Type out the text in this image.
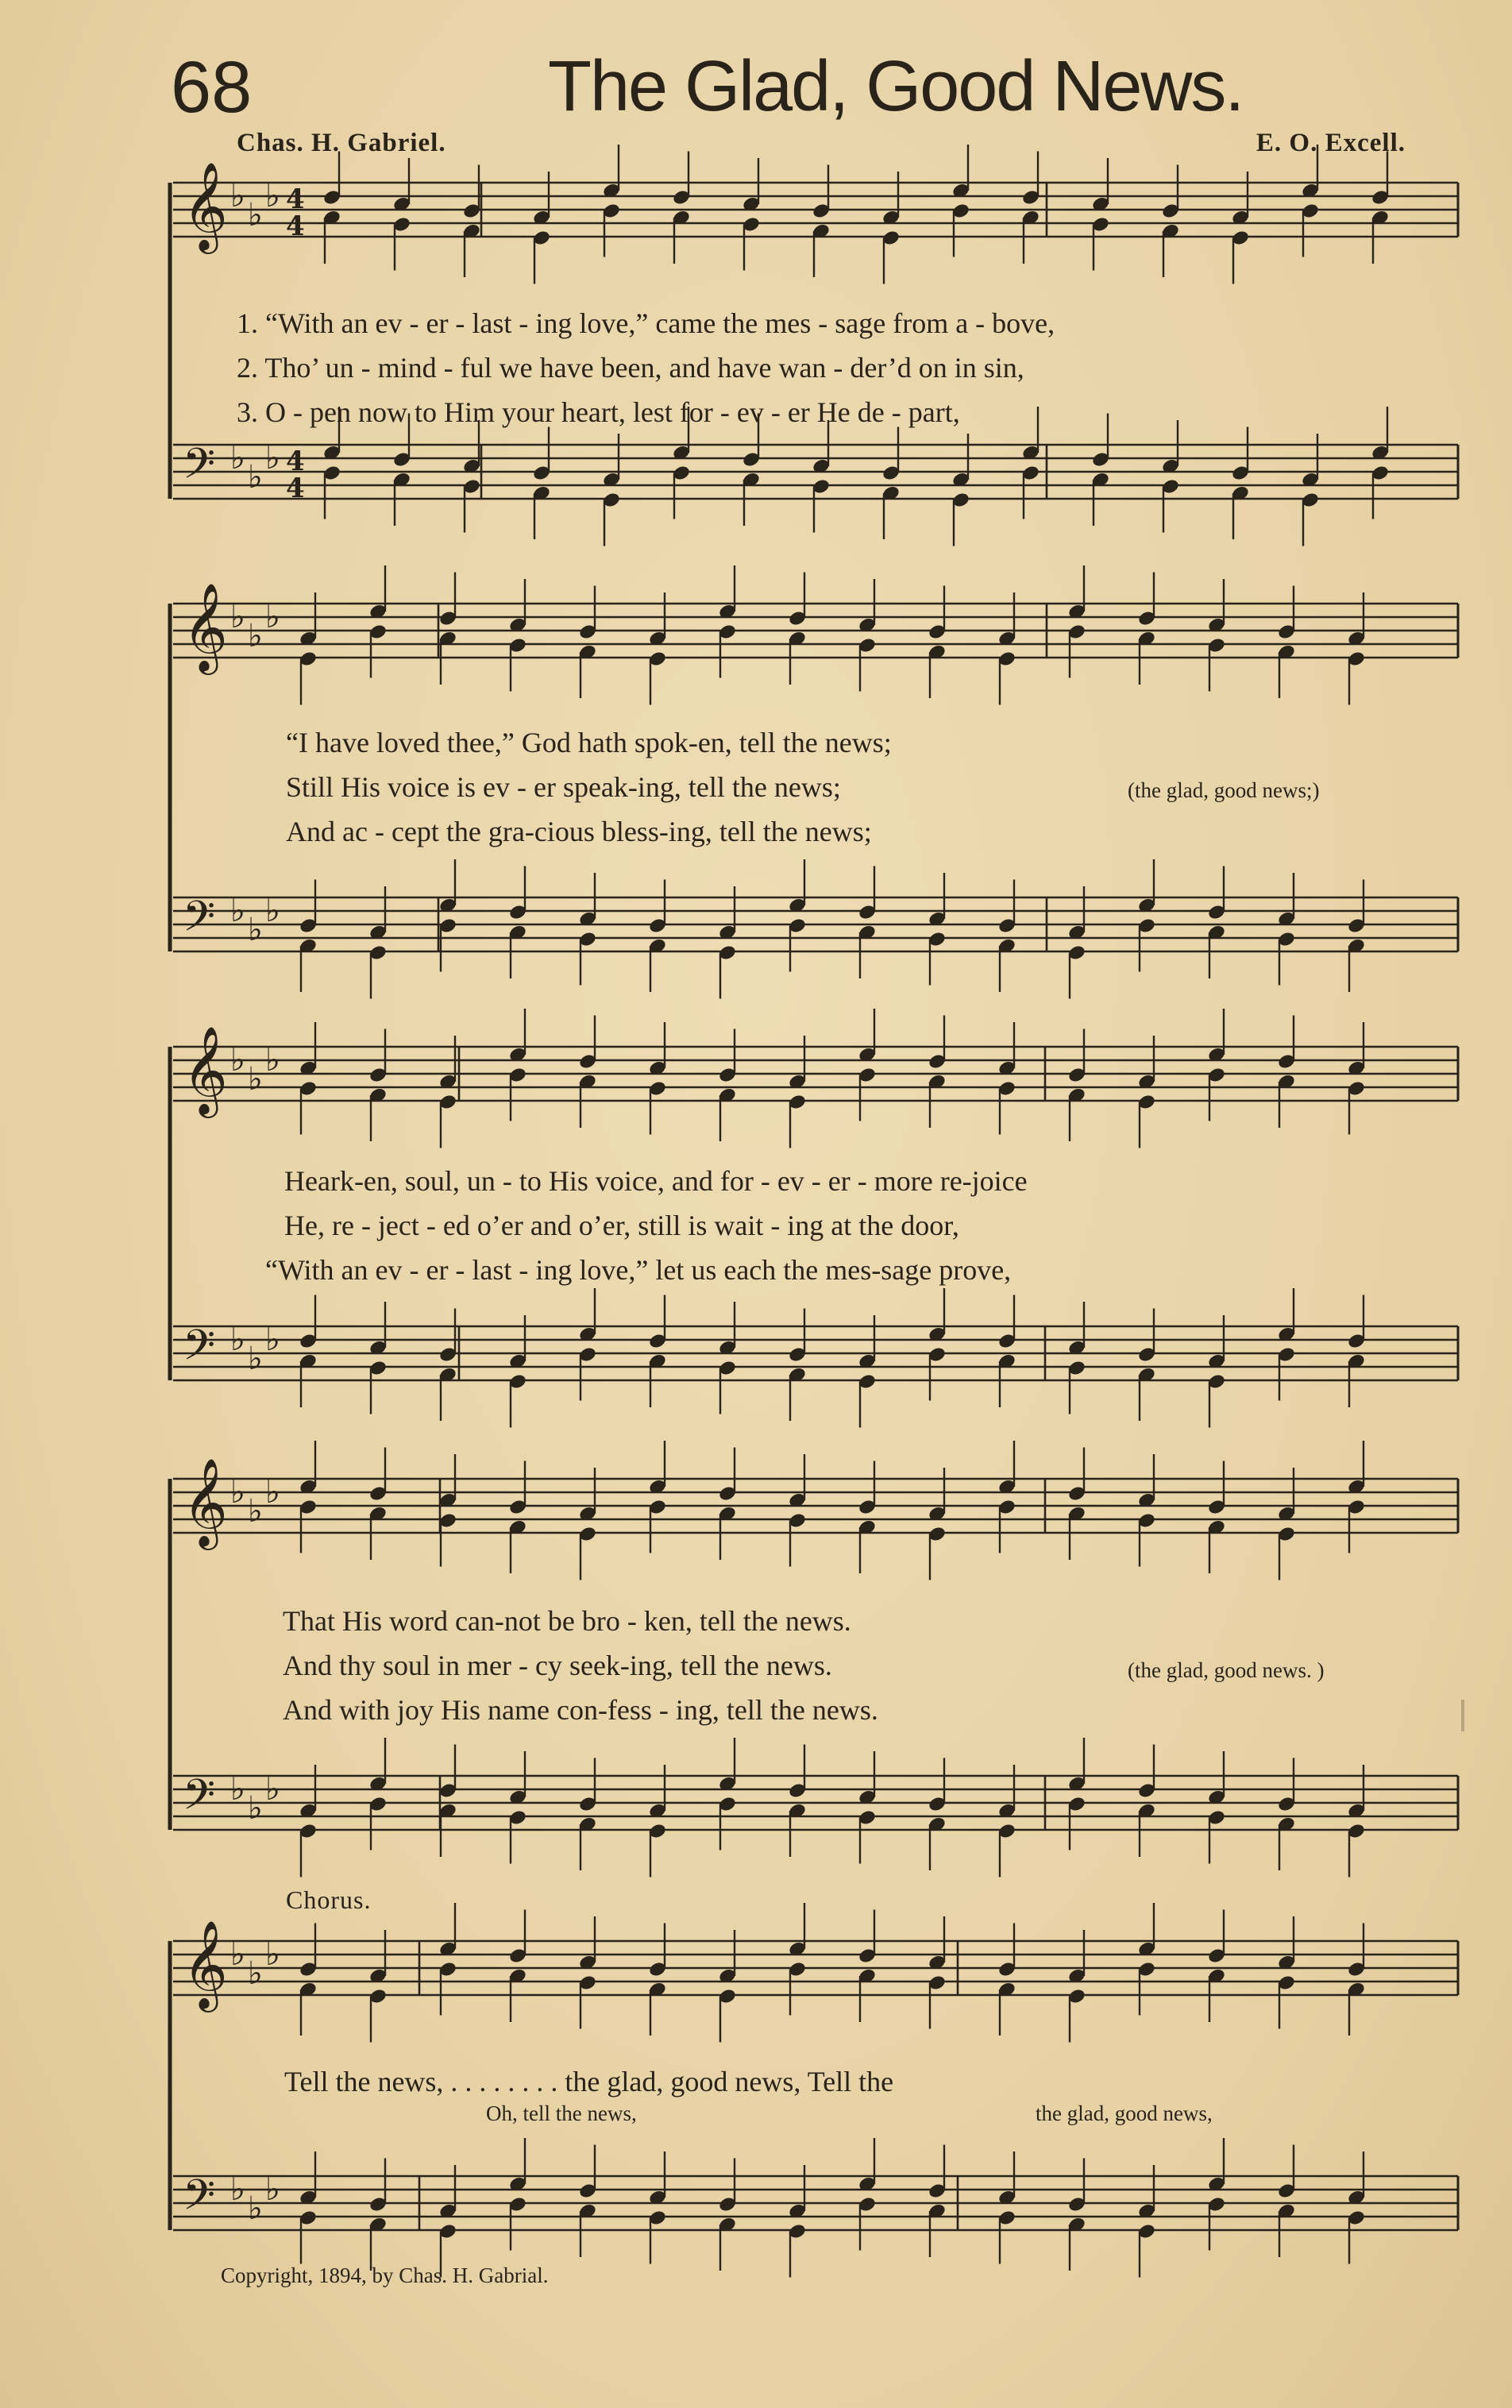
68	The Glad, Good News.
Chas. H. Gabriel.	E. O. Excell.
𝄞 ♭
♭
♭ 4
4
𝄢 ♭
♭
♭ 4
4
𝄞 ♭
♭
♭
𝄢 ♭
♭
♭
𝄞 ♭
♭
♭
𝄢 ♭
♭
♭
𝄞 ♭
♭
♭
𝄢 ♭
♭
♭
𝄞 ♭
♭
♭
𝄢 ♭
♭
♭
1. “With an ev - er - last - ing love,” came the mes - sage from a - bove,
2. Tho’ un - mind - ful we have been, and have wan - der’d on in sin,
3. O - pen now to Him your heart, lest for - ev - er He de - part,
“I have loved thee,” God hath spok-en, tell the news;
Still His voice is ev - er speak-ing, tell the news;
And ac - cept the gra-cious bless-ing, tell the news;
(the glad, good news;)
Heark-en, soul, un - to His voice, and for - ev - er - more re-joice
He, re - ject - ed o’er and o’er, still is wait - ing at the door,
“With an ev - er - last - ing love,” let us each the mes-sage prove,
That His word can-not be bro - ken, tell the news.
And thy soul in mer - cy seek-ing, tell the news.
And with joy His name con-fess - ing, tell the news.
(the glad, good news. )
Chorus.
Tell the news, . . . . . . . . the glad, good news, Tell the
Oh, tell the news,	the glad, good news,
Copyright, 1894, by Chas. H. Gabrial.
